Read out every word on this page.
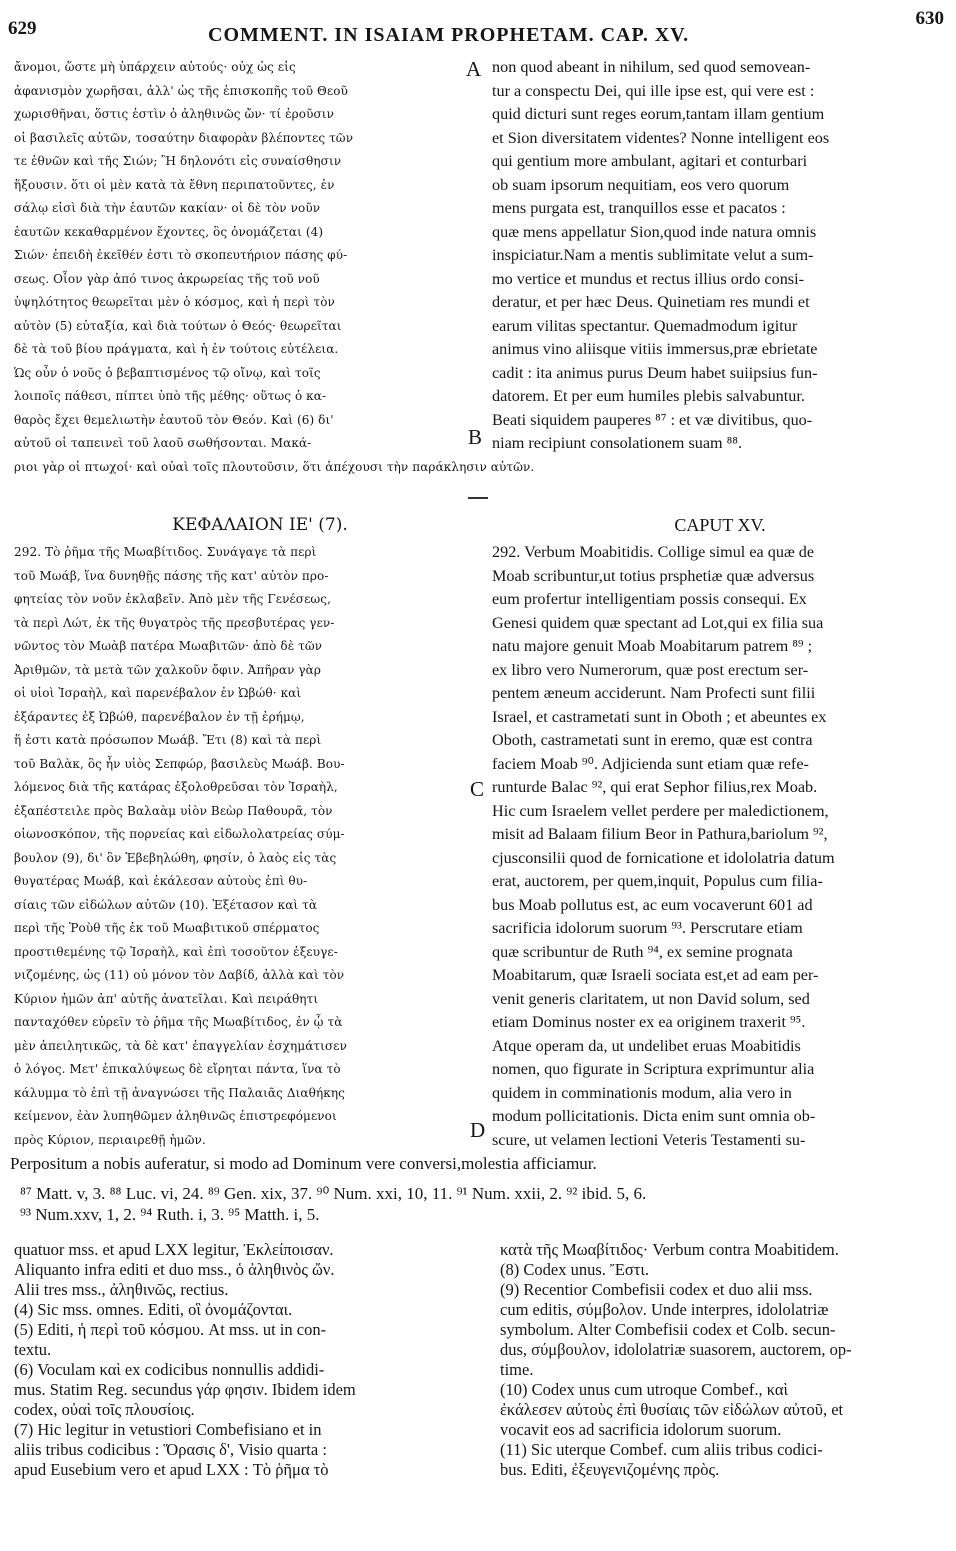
629	COMMENT. IN ISAIAM PROPHETAM. CAP. XV.
630
ἄνομοι, ὥστε μὴ ὑπάρχειν αὐτούς· οὐχ ὡς εἰς
ἀφανισμὸν χωρῆσαι, ἀλλ' ὡς τῆς ἐπισκοπῆς τοῦ Θεοῦ
χωρισθῆναι, ὅστις ἐστὶν ὁ ἀληθινῶς ὤν· τί ἐροῦσιν
οἱ βασιλεῖς αὐτῶν, τοσαύτην διαφορὰν βλέποντες τῶν
τε ἐθνῶν καὶ τῆς Σιών; Ἢ δηλονότι εἰς συναίσθησιν
ἥξουσιν. ὅτι οἱ μὲν κατὰ τὰ ἔθνη περιπατοῦντες, ἐν
σάλῳ εἰσὶ διὰ τὴν ἑαυτῶν κακίαν· οἱ δὲ τὸν νοῦν
ἑαυτῶν κεκαθαρμένον ἔχοντες, ὃς ὀνομάζεται (4)
Σιών· ἐπειδὴ ἐκεῖθέν ἐστι τὸ σκοπευτήριον πάσης φύ-
σεως. Οἷον γὰρ ἀπό τινος ἀκρωρείας τῆς τοῦ νοῦ
ὑψηλότητος θεωρεῖται μὲν ὁ κόσμος, καὶ ἡ περὶ τὸν
αὐτὸν (5) εὐταξία, καὶ διὰ τούτων ὁ Θεός· θεωρεῖται
δὲ τὰ τοῦ βίου πράγματα, καὶ ἡ ἐν τούτοις εὐτέλεια.
Ὡς οὖν ὁ νοῦς ὁ βεβαπτισμένος τῷ οἴνῳ, καὶ τοῖς
λοιποῖς πάθεσι, πίπτει ὑπὸ τῆς μέθης· οὕτως ὁ κα-
θαρὸς ἔχει θεμελιωτὴν ἑαυτοῦ τὸν Θεόν. Καὶ (6) δι'
αὐτοῦ οἱ ταπεινεὶ τοῦ λαοῦ σωθήσονται. Μακά-
A
B
non quod abeant in nihilum, sed quod semovean-
tur a conspectu Dei, qui ille ipse est, qui vere est :
quid dicturi sunt reges eorum,tantam illam gentium
et Sion diversitatem videntes? Nonne intelligent eos
qui gentium more ambulant, agitari et conturbari
ob suam ipsorum nequitiam, eos vero quorum
mens purgata est, tranquillos esse et pacatos :
quæ mens appellatur Sion,quod inde natura omnis
inspiciatur.Nam a mentis sublimitate velut a sum-
mo vertice et mundus et rectus illius ordo consi-
deratur, et per hæc Deus. Quinetiam res mundi et
earum vilitas spectantur. Quemadmodum igitur
animus vino aliisque vitiis immersus,præ ebrietate
cadit : ita animus purus Deum habet suiipsius fun-
datorem. Et per eum humiles plebis salvabuntur.
Beati siquidem pauperes ⁸⁷ : et væ divitibus, quo-
niam recipiunt consolationem suam ⁸⁸.
ριοι γὰρ οἱ πτωχοί· καὶ οὐαὶ τοῖς πλουτοῦσιν, ὅτι ἀπέχουσι τὴν παράκλησιν αὐτῶν.
ΚΕΦΑΛΑΙΟΝ ΙΕ' (7).	CAPUT XV.
292. Τὸ ῥῆμα τῆς Μωαβίτιδος. Συνάγαγε τὰ περὶ
τοῦ Μωάβ, ἵνα δυνηθῇς πάσης τῆς κατ' αὐτὸν προ-
φητείας τὸν νοῦν ἐκλαβεῖν. Ἀπὸ μὲν τῆς Γενέσεως,
τὰ περὶ Λώτ, ἐκ τῆς θυγατρὸς τῆς πρεσβυτέρας γεν-
νῶντος τὸν Μωὰβ πατέρα Μωαβιτῶν· ἀπὸ δὲ τῶν
Ἀριθμῶν, τὰ μετὰ τῶν χαλκοῦν ὄφιν. Ἀπῆραν γὰρ
οἱ υἱοὶ Ἰσραὴλ, καὶ παρενέβαλον ἐν Ὠβώθ· καὶ
ἐξάραντες ἐξ Ὠβώθ, παρενέβαλον ἐν τῇ ἐρήμῳ,
ἥ ἐστι κατὰ πρόσωπον Μωάβ. Ἔτι (8) καὶ τὰ περὶ
τοῦ Βαλὰκ, ὃς ἦν υἱὸς Σεπφώρ, βασιλεὺς Μωάβ. Βου-
λόμενος διὰ τῆς κατάρας ἐξολοθρεῦσαι τὸν Ἰσραὴλ,
ἐξαπέστειλε πρὸς Βαλαὰμ υἱὸν Βεὼρ Παθουρᾶ, τὸν
οἰωνοσκόπον, τῆς πορνείας καὶ εἰδωλολατρείας σύμ-
βουλον (9), δι' ὃν Ἐβεβηλώθη, φησίν, ὁ λαὸς εἰς τὰς
θυγατέρας Μωάβ, καὶ ἐκάλεσαν αὐτοὺς ἐπὶ θυ-
σίαις τῶν εἰδώλων αὐτῶν (10). Ἐξέτασον καὶ τὰ
περὶ τῆς Ῥοὺθ τῆς ἐκ τοῦ Μωαβιτικοῦ σπέρματος
προστιθεμένης τῷ Ἰσραὴλ, καὶ ἐπὶ τοσοῦτον ἐξευγε-
νιζομένης, ὡς (11) οὐ μόνον τὸν Δαβίδ, ἀλλὰ καὶ τὸν
Κύριον ἡμῶν ἀπ' αὐτῆς ἀνατεῖλαι. Καὶ πειράθητι
πανταχόθεν εὑρεῖν τὸ ῥῆμα τῆς Μωαβίτιδος, ἐν ᾧ τὰ
μὲν ἀπειλητικῶς, τὰ δὲ κατ' ἐπαγγελίαν ἐσχημάτισεν
ὁ λόγος. Μετ' ἐπικαλύψεως δὲ εἴρηται πάντα, ἵνα τὸ
κάλυμμα τὸ ἐπὶ τῇ ἀναγνώσει τῆς Παλαιᾶς Διαθήκης
κείμενον, ἐὰν λυπηθῶμεν ἀληθινῶς ἐπιστρεφόμενοι
πρὸς Κύριον, περιαιρεθῇ ἡμῶν.
C
D
292. Verbum Moabitidis. Collige simul ea quæ de
Moab scribuntur,ut totius prsphetiæ quæ adversus
eum profertur intelligentiam possis consequi. Ex
Genesi quidem quæ spectant ad Lot,qui ex filia sua
natu majore genuit Moab Moabitarum patrem ⁸⁹ ;
ex libro vero Numerorum, quæ post erectum ser-
pentem æneum acciderunt. Nam Profecti sunt filii
Israel, et castrametati sunt in Oboth ; et abeuntes ex
Oboth, castrametati sunt in eremo, quæ est contra
faciem Moab ⁹⁰. Adjicienda sunt etiam quæ refe-
runturde Balac ⁹², qui erat Sephor filius,rex Moab.
Hic cum Israelem vellet perdere per maledictionem,
misit ad Balaam filium Beor in Pathura,bariolum ⁹²,
cjusconsilii quod de fornicatione et idololatria datum
erat, auctorem, per quem,inquit, Populus cum filia-
bus Moab pollutus est, ac eum vocaverunt 601 ad
sacrificia idolorum suorum ⁹³. Perscrutare etiam
quæ scribuntur de Ruth ⁹⁴, ex semine prognata
Moabitarum, quæ Israeli sociata est,et ad eam per-
venit generis claritatem, ut non David solum, sed
etiam Dominus noster ex ea originem traxerit ⁹⁵.
Atque operam da, ut undelibet eruas Moabitidis
nomen, quo figurate in Scriptura exprimuntur alia
quidem in comminationis modum, alia vero in
modum pollicitationis. Dicta enim sunt omnia ob-
scure, ut velamen lectioni Veteris Testamenti su-
Perpositum a nobis auferatur, si modo ad Dominum vere conversi,molestia afficiamur.
⁸⁷ Matt. v, 3. ⁸⁸ Luc. vi, 24. ⁸⁹ Gen. xix, 37. ⁹⁰ Num. xxi, 10, 11. ⁹¹ Num. xxii, 2. ⁹² ibid. 5, 6.
⁹³ Num.xxv, 1, 2. ⁹⁴ Ruth. i, 3. ⁹⁵ Matth. i, 5.
quatuor mss. et apud LXX legitur, Ἐκλείποισαν.
Aliquanto infra editi et duo mss., ὁ ἀληθινὸς ὤν.
Alii tres mss., ἀληθινῶς, rectius.
(4) Sic mss. omnes. Editi, οἳ ὀνομάζονται.
(5) Editi, ἡ περὶ τοῦ κόσμου. At mss. ut in con-
textu.
(6) Voculam καὶ ex codicibus nonnullis addidi-
mus. Statim Reg. secundus γάρ φησιν. Ibidem idem
codex, οὐαὶ τοῖς πλουσίοις.
(7) Hic legitur in vetustiori Combefisiano et in
aliis tribus codicibus : Ὅρασις δ', Visio quarta :
apud Eusebium vero et apud LXX : Τὸ ῥῆμα τὸ
κατὰ τῆς Μωαβίτιδος· Verbum contra Moabitidem.
(8) Codex unus. Ἔστι.
(9) Recentior Combefisii codex et duo alii mss.
cum editis, σύμβολον. Unde interpres, idololatriæ
symbolum. Alter Combefisii codex et Colb. secun-
dus, σύμβουλον, idololatriæ suasorem, auctorem, op-
time.
(10) Codex unus cum utroque Combef., καὶ
ἐκάλεσεν αὐτοὺς ἐπὶ θυσίαις τῶν εἰδώλων αὐτοῦ, et
vocavit eos ad sacrificia idolorum suorum.
(11) Sic uterque Combef. cum aliis tribus codici-
bus. Editi, ἐξευγενιζομένης πρὸς.
